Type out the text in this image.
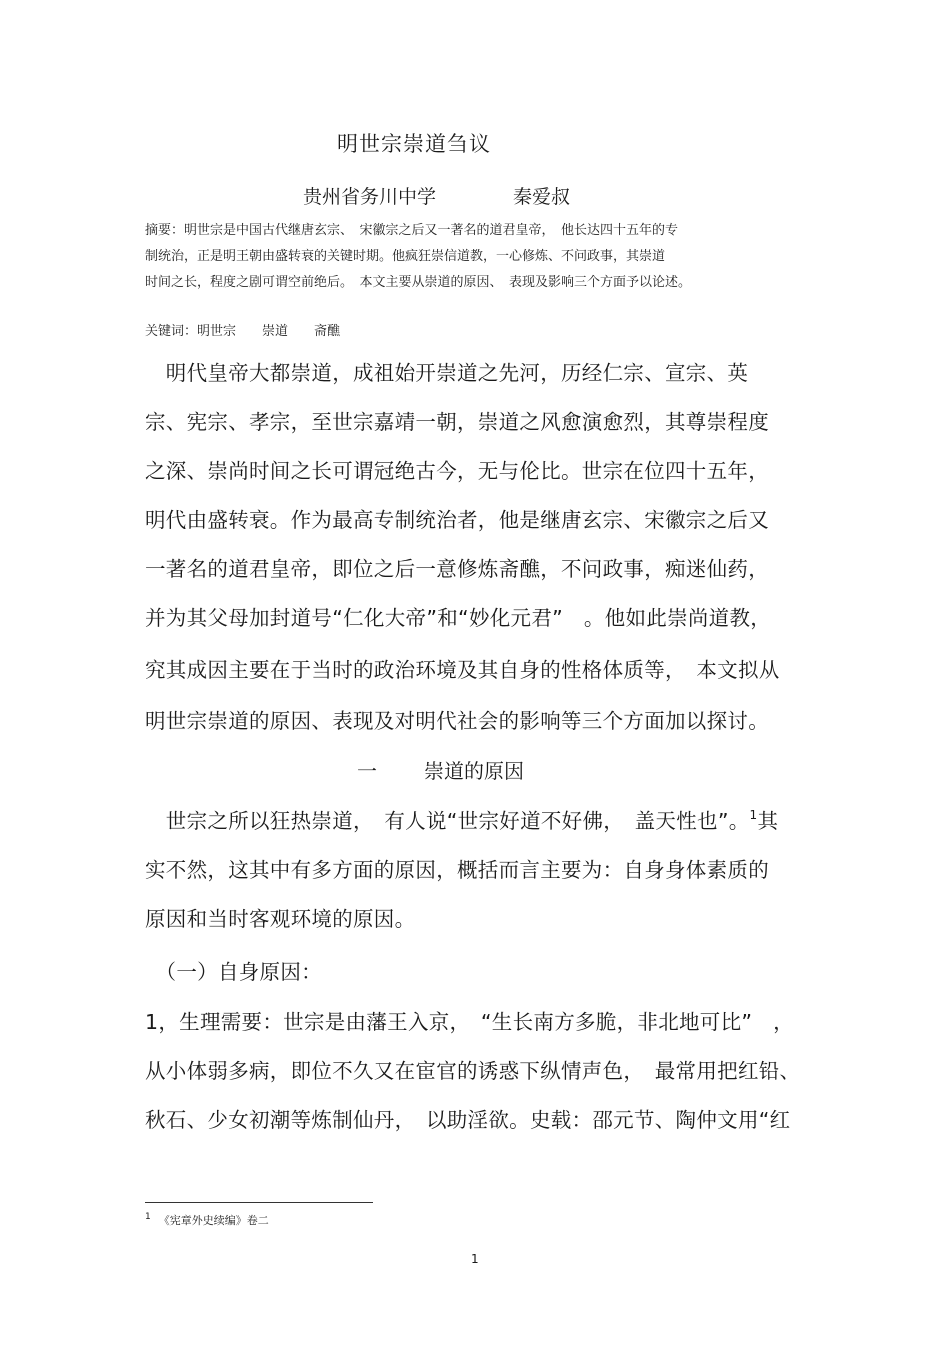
明世宗崇道刍议
贵州省务川中学	秦爱叔
摘要：明世宗是中国古代继唐玄宗、　宋徽宗之后又一著名的道君皇帝，　他长达四十五年的专
制统治，正是明王朝由盛转衰的关键时期。他疯狂崇信道教，一心修炼、不问政事，其崇道
时间之长，程度之剧可谓空前绝后。　本文主要从崇道的原因、　表现及影响三个方面予以论述。
关键词：明世宗　　崇道　　斋醮
　明代皇帝大都崇道，成祖始开崇道之先河，历经仁宗、宣宗、英
宗、宪宗、孝宗，至世宗嘉靖一朝，崇道之风愈演愈烈，其尊崇程度
之深、崇尚时间之长可谓冠绝古今，无与伦比。世宗在位四十五年，
明代由盛转衰。作为最高专制统治者，他是继唐玄宗、宋徽宗之后又
一著名的道君皇帝，即位之后一意修炼斋醮，不问政事，痴迷仙药，
并为其父母加封道号“仁化大帝”和“妙化元君”　。他如此崇尚道教，
究其成因主要在于当时的政治环境及其自身的性格体质等，　本文拟从
明世宗崇道的原因、表现及对明代社会的影响等三个方面加以探讨。
一 崇道的原因
　世宗之所以狂热崇道，　有人说“世宗好道不好佛，　盖天性也”。$^1$其
实不然，这其中有多方面的原因，概括而言主要为：自身身体素质的
原因和当时客观环境的原因。
　（一）自身原因：
1，生理需要：世宗是由藩王入京，　“生长南方多脆，非北地可比”　，
从小体弱多病，即位不久又在宦官的诱惑下纵情声色，　最常用把红铅、
秋石、少女初潮等炼制仙丹，　以助淫欲。史载：邵元节、陶仲文用“红
$^1$ 《宪章外史续编》卷二
1
